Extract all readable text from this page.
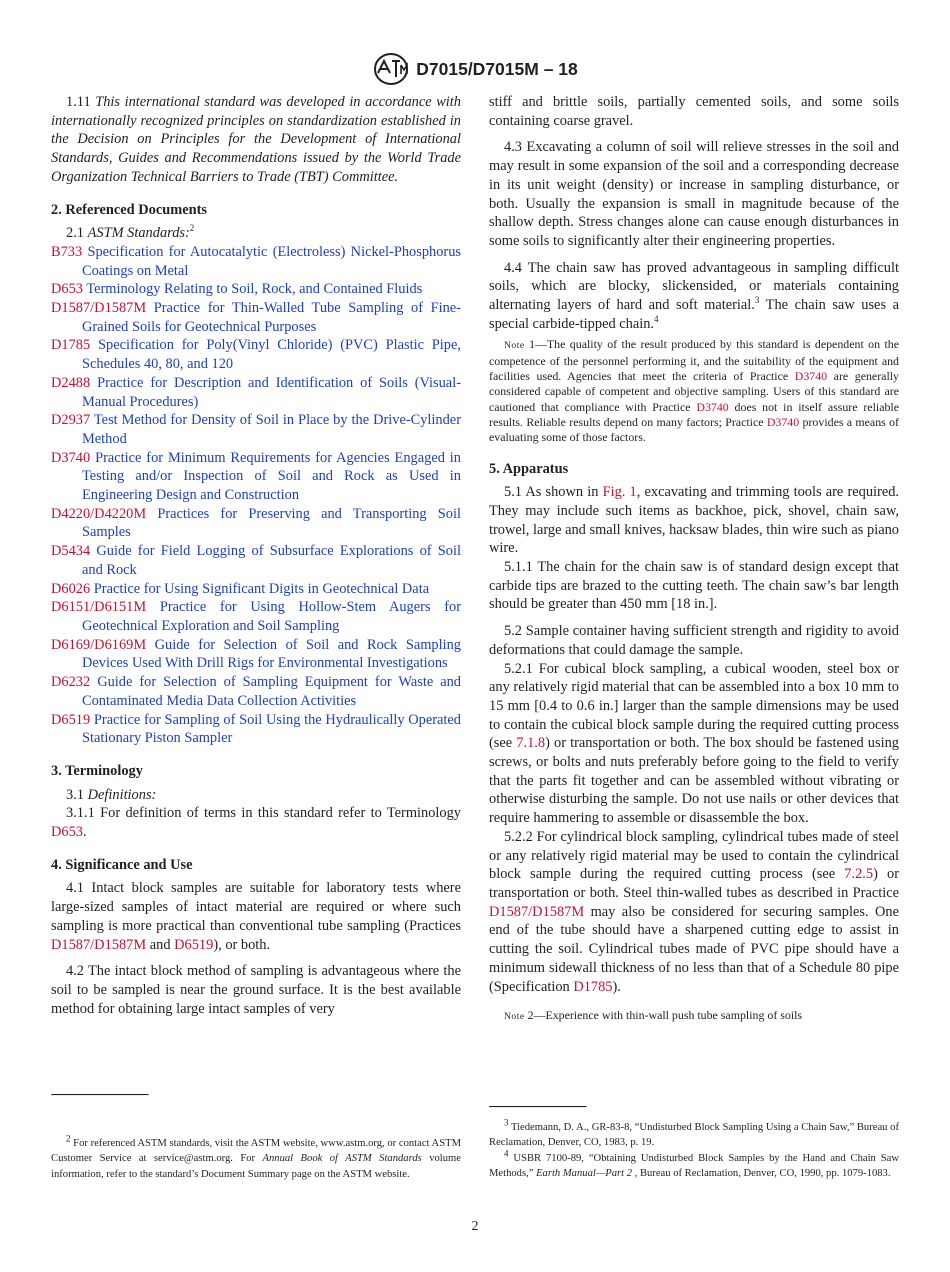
D7015/D7015M – 18

1.11 This international standard was developed in accordance with internationally recognized principles on standardization established in the Decision on Principles for the Development of International Standards, Guides and Recommendations issued by the World Trade Organization Technical Barriers to Trade (TBT) Committee.

2. Referenced Documents

2.1 ASTM Standards:$^2$

B733 Specification for Autocatalytic (Electroless) Nickel-Phosphorus Coatings on Metal

D653 Terminology Relating to Soil, Rock, and Contained Fluids

D1587/D1587M Practice for Thin-Walled Tube Sampling of Fine-Grained Soils for Geotechnical Purposes

D1785 Specification for Poly(Vinyl Chloride) (PVC) Plastic Pipe, Schedules 40, 80, and 120

D2488 Practice for Description and Identification of Soils (Visual-Manual Procedures)

D2937 Test Method for Density of Soil in Place by the Drive-Cylinder Method

D3740 Practice for Minimum Requirements for Agencies Engaged in Testing and/or Inspection of Soil and Rock as Used in Engineering Design and Construction

D4220/D4220M Practices for Preserving and Transporting Soil Samples

D5434 Guide for Field Logging of Subsurface Explorations of Soil and Rock

D6026 Practice for Using Significant Digits in Geotechnical Data

D6151/D6151M Practice for Using Hollow-Stem Augers for Geotechnical Exploration and Soil Sampling

D6169/D6169M Guide for Selection of Soil and Rock Sampling Devices Used With Drill Rigs for Environmental Investigations

D6232 Guide for Selection of Sampling Equipment for Waste and Contaminated Media Data Collection Activities

D6519 Practice for Sampling of Soil Using the Hydraulically Operated Stationary Piston Sampler

3. Terminology

3.1 Definitions:

3.1.1 For definition of terms in this standard refer to Terminology D653.

4. Significance and Use

4.1 Intact block samples are suitable for laboratory tests where large-sized samples of intact material are required or where such sampling is more practical than conventional tube sampling (Practices D1587/D1587M and D6519), or both.

4.2 The intact block method of sampling is advantageous where the soil to be sampled is near the ground surface. It is the best available method for obtaining large intact samples of very

$^2$ For referenced ASTM standards, visit the ASTM website, www.astm.org, or contact ASTM Customer Service at service@astm.org. For Annual Book of ASTM Standards volume information, refer to the standard’s Document Summary page on the ASTM website.

stiff and brittle soils, partially cemented soils, and some soils containing coarse gravel.

4.3 Excavating a column of soil will relieve stresses in the soil and may result in some expansion of the soil and a corresponding decrease in its unit weight (density) or increase in sampling disturbance, or both. Usually the expansion is small in magnitude because of the shallow depth. Stress changes alone can cause enough disturbances in some soils to significantly alter their engineering properties.

4.4 The chain saw has proved advantageous in sampling difficult soils, which are blocky, slickensided, or materials containing alternating layers of hard and soft material.$^3$ The chain saw uses a special carbide-tipped chain.$^4$

Note 1—The quality of the result produced by this standard is dependent on the competence of the personnel performing it, and the suitability of the equipment and facilities used. Agencies that meet the criteria of Practice D3740 are generally considered capable of competent and objective sampling. Users of this standard are cautioned that compliance with Practice D3740 does not in itself assure reliable results. Reliable results depend on many factors; Practice D3740 provides a means of evaluating some of those factors.

5. Apparatus

5.1 As shown in Fig. 1, excavating and trimming tools are required. They may include such items as backhoe, pick, shovel, chain saw, trowel, large and small knives, hacksaw blades, thin wire such as piano wire.

5.1.1 The chain for the chain saw is of standard design except that carbide tips are brazed to the cutting teeth. The chain saw’s bar length should be greater than 450 mm [18 in.].

5.2 Sample container having sufficient strength and rigidity to avoid deformations that could damage the sample.

5.2.1 For cubical block sampling, a cubical wooden, steel box or any relatively rigid material that can be assembled into a box 10 mm to 15 mm [0.4 to 0.6 in.] larger than the sample dimensions may be used to contain the cubical block sample during the required cutting process (see 7.1.8) or transportation or both. The box should be fastened using screws, or bolts and nuts preferably before going to the field to verify that the parts fit together and can be assembled without vibrating or otherwise disturbing the sample. Do not use nails or other devices that require hammering to assemble or disassemble the box.

5.2.2 For cylindrical block sampling, cylindrical tubes made of steel or any relatively rigid material may be used to contain the cylindrical block sample during the required cutting process (see 7.2.5) or transportation or both. Steel thin-walled tubes as described in Practice D1587/D1587M may also be considered for securing samples. One end of the tube should have a sharpened cutting edge to assist in cutting the soil. Cylindrical tubes made of PVC pipe should have a minimum sidewall thickness of no less than that of a Schedule 80 pipe (Specification D1785).

Note 2—Experience with thin-wall push tube sampling of soils

$^3$ Tiedemann, D. A., GR-83-8, “Undisturbed Block Sampling Using a Chain Saw,” Bureau of Reclamation, Denver, CO, 1983, p. 19.

$^4$ USBR 7100-89, “Obtaining Undisturbed Block Samples by the Hand and Chain Saw Methods,” Earth Manual—Part 2 , Bureau of Reclamation, Denver, CO, 1990, pp. 1079-1083.

2
